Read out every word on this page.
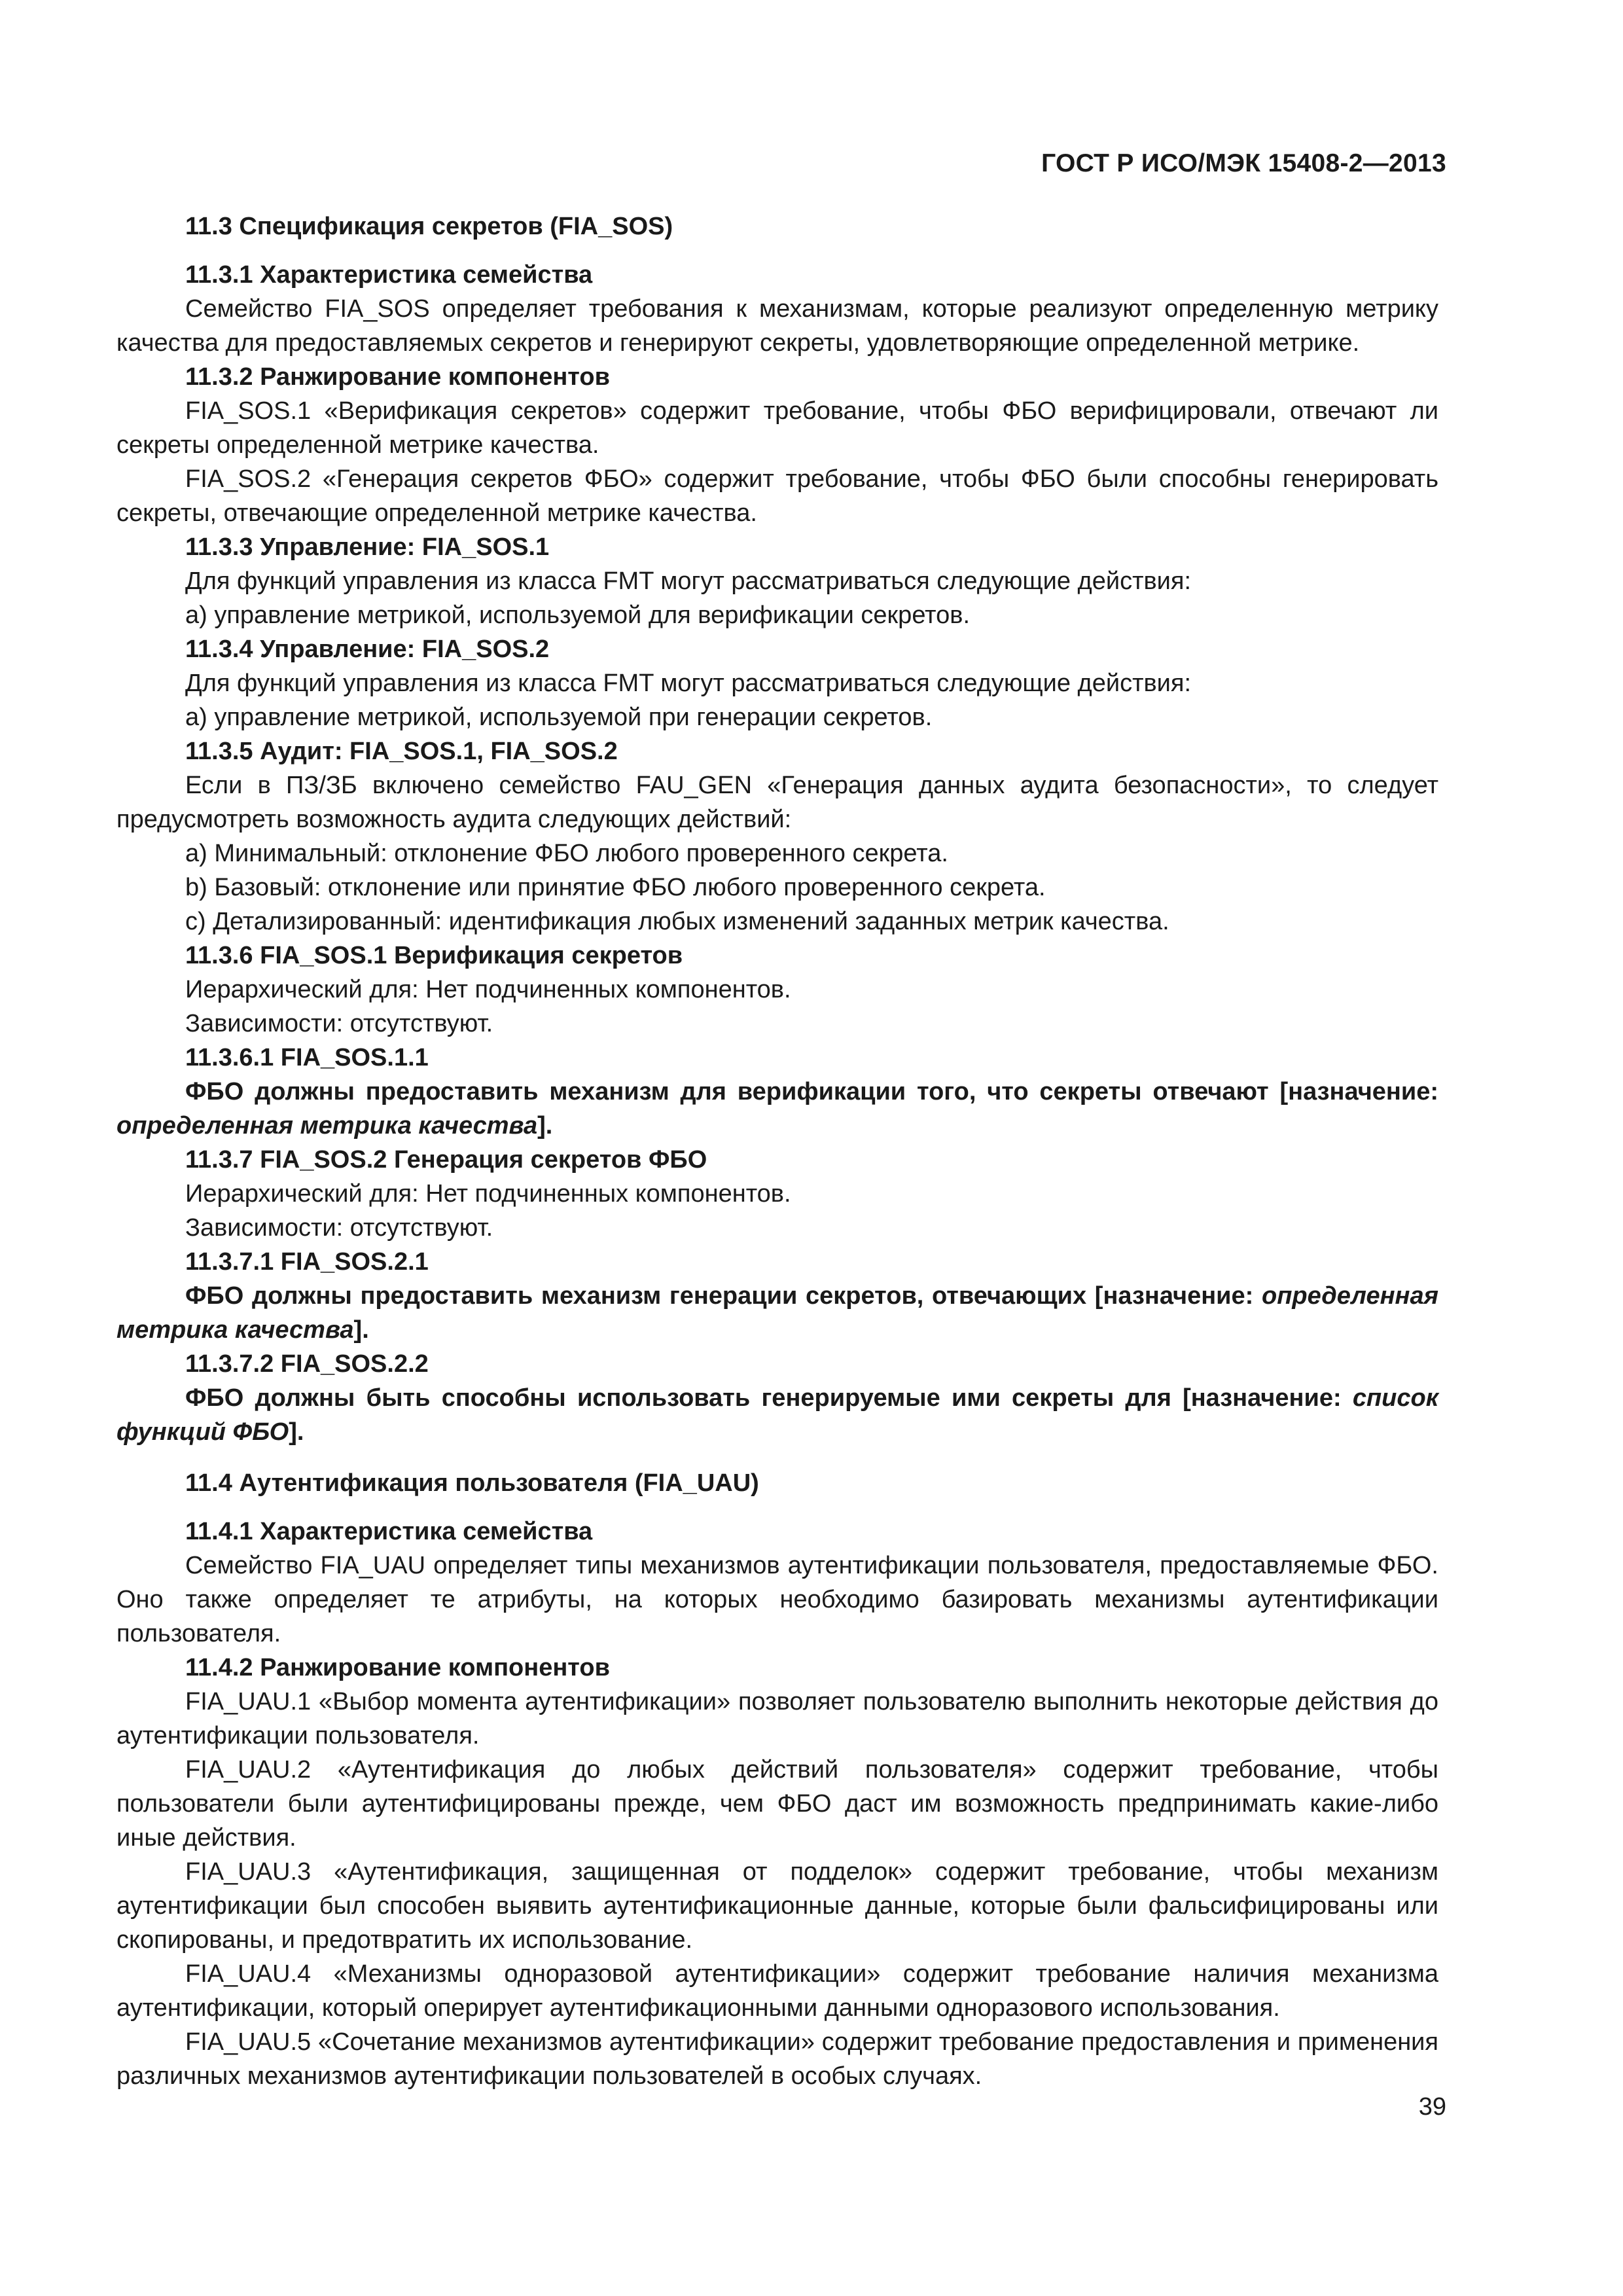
ГОСТ Р ИСО/МЭК 15408-2—2013

11.3 Спецификация секретов (FIA_SOS)

11.3.1 Характеристика семейства

Семейство FIA_SOS определяет требования к механизмам, которые реализуют определенную метрику качества для предоставляемых секретов и генерируют секреты, удовлетворяющие определенной метрике.

11.3.2 Ранжирование компонентов

FIA_SOS.1 «Верификация секретов» содержит требование, чтобы ФБО верифицировали, отвечают ли секреты определенной метрике качества.

FIA_SOS.2 «Генерация секретов ФБО» содержит требование, чтобы ФБО были способны генерировать секреты, отвечающие определенной метрике качества.

11.3.3 Управление: FIA_SOS.1

Для функций управления из класса FMT могут рассматриваться следующие действия:

a) управление метрикой, используемой для верификации секретов.

11.3.4 Управление: FIA_SOS.2

Для функций управления из класса FMT могут рассматриваться следующие действия:

a) управление метрикой, используемой при генерации секретов.

11.3.5 Аудит: FIA_SOS.1, FIA_SOS.2

Если в ПЗ/ЗБ включено семейство FAU_GEN «Генерация данных аудита безопасности», то следует предусмотреть возможность аудита следующих действий:

a) Минимальный: отклонение ФБО любого проверенного секрета.

b) Базовый: отклонение или принятие ФБО любого проверенного секрета.

c) Детализированный: идентификация любых изменений заданных метрик качества.

11.3.6 FIA_SOS.1 Верификация секретов

Иерархический для: Нет подчиненных компонентов.

Зависимости: отсутствуют.

11.3.6.1 FIA_SOS.1.1

ФБО должны предоставить механизм для верификации того, что секреты отвечают [назначение: определенная метрика качества].

11.3.7 FIA_SOS.2 Генерация секретов ФБО

Иерархический для: Нет подчиненных компонентов.

Зависимости: отсутствуют.

11.3.7.1 FIA_SOS.2.1

ФБО должны предоставить механизм генерации секретов, отвечающих [назначение: определенная метрика качества].

11.3.7.2 FIA_SOS.2.2

ФБО должны быть способны использовать генерируемые ими секреты для [назначение: список функций ФБО].

11.4 Аутентификация пользователя (FIA_UAU)

11.4.1 Характеристика семейства

Семейство FIA_UAU определяет типы механизмов аутентификации пользователя, предоставляемые ФБО. Оно также определяет те атрибуты, на которых необходимо базировать механизмы аутентификации пользователя.

11.4.2 Ранжирование компонентов

FIA_UAU.1 «Выбор момента аутентификации» позволяет пользователю выполнить некоторые действия до аутентификации пользователя.

FIA_UAU.2 «Аутентификация до любых действий пользователя» содержит требование, чтобы пользователи были аутентифицированы прежде, чем ФБО даст им возможность предпринимать какие-либо иные действия.

FIA_UAU.3 «Аутентификация, защищенная от подделок» содержит требование, чтобы механизм аутентификации был способен выявить аутентификационные данные, которые были фальсифицированы или скопированы, и предотвратить их использование.

FIA_UAU.4 «Механизмы одноразовой аутентификации» содержит требование наличия механизма аутентификации, который оперирует аутентификационными данными одноразового использования.

FIA_UAU.5 «Сочетание механизмов аутентификации» содержит требование предоставления и применения различных механизмов аутентификации пользователей в особых случаях.

39
